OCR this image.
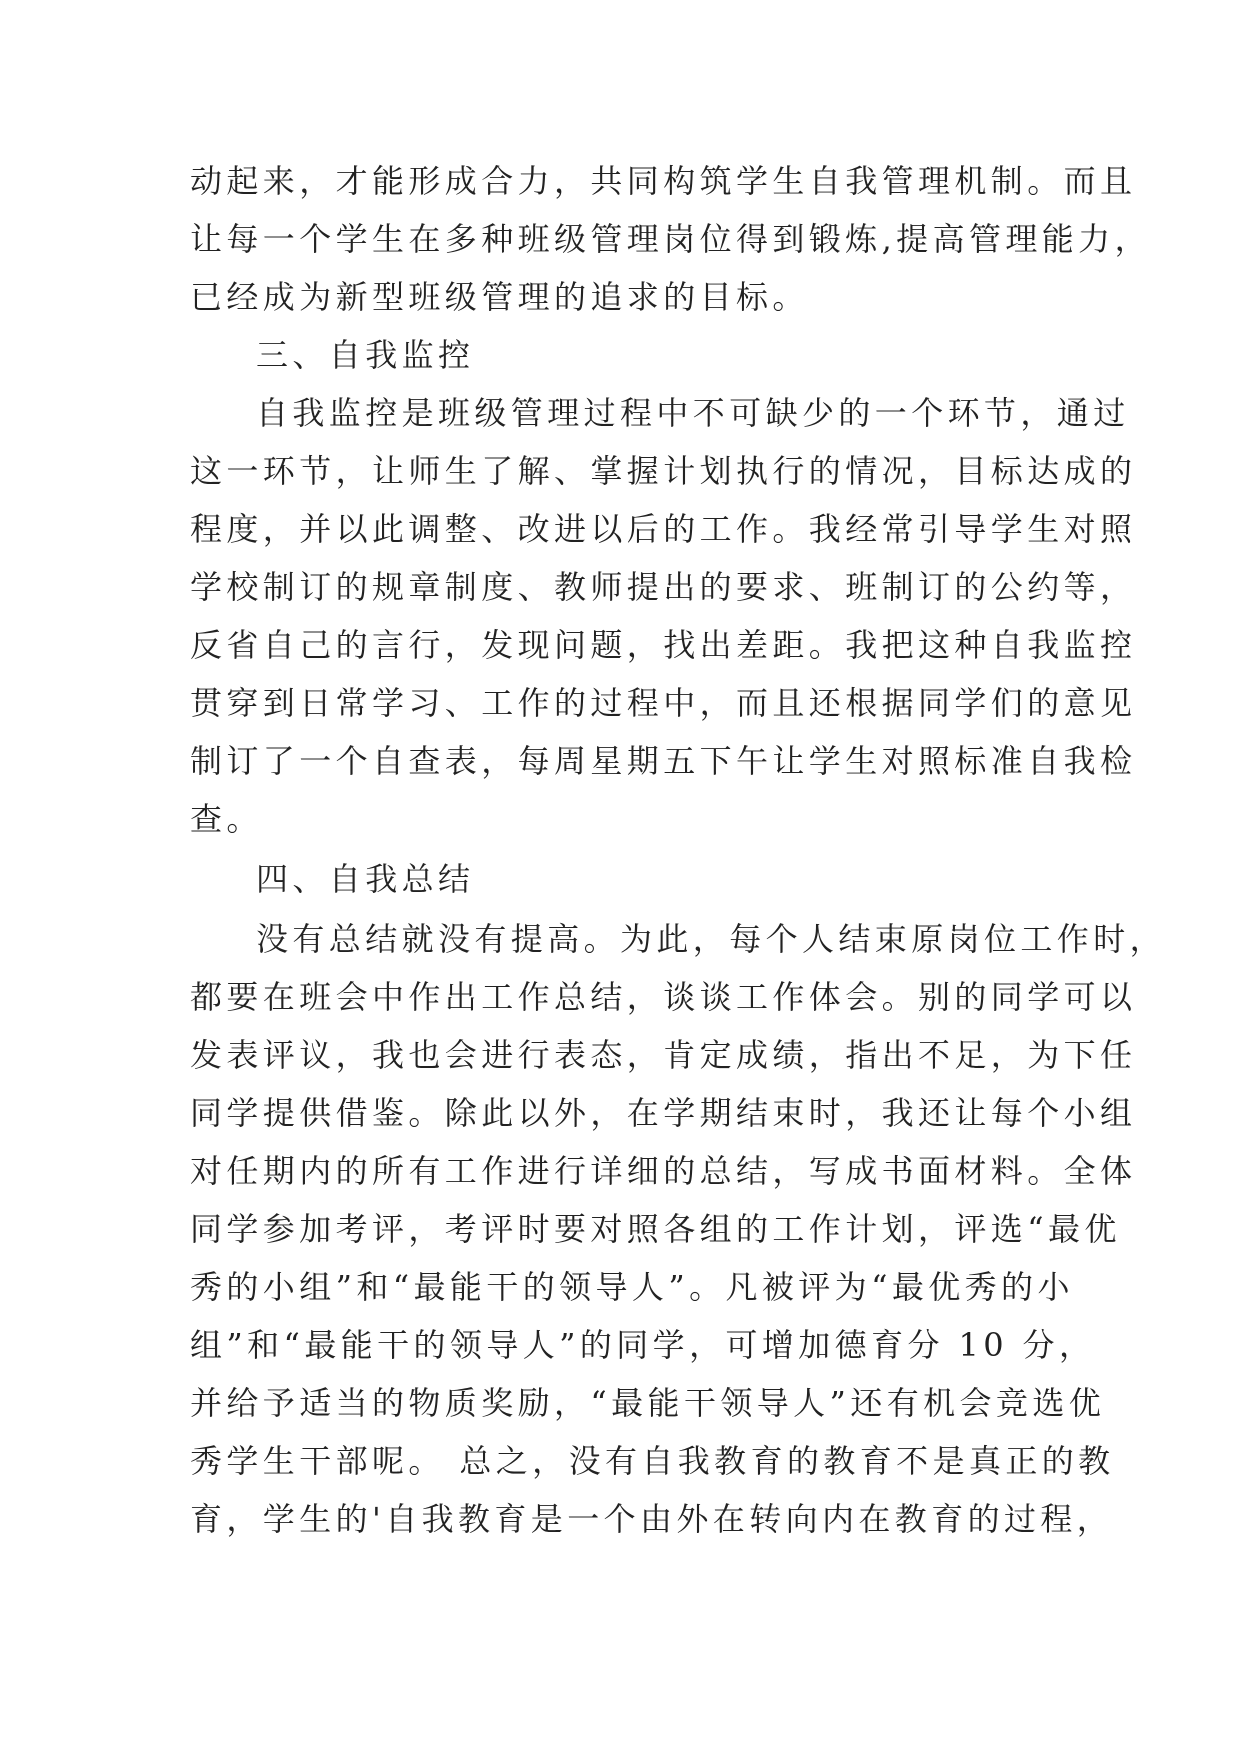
动起来，才能形成合力，共同构筑学生自我管理机制。而且
让每一个学生在多种班级管理岗位得到锻炼,提高管理能力，
已经成为新型班级管理的追求的目标。
三、自我监控
自我监控是班级管理过程中不可缺少的一个环节，通过
这一环节，让师生了解、掌握计划执行的情况，目标达成的
程度，并以此调整、改进以后的工作。我经常引导学生对照
学校制订的规章制度、教师提出的要求、班制订的公约等，
反省自己的言行，发现问题，找出差距。我把这种自我监控
贯穿到日常学习、工作的过程中，而且还根据同学们的意见
制订了一个自查表，每周星期五下午让学生对照标准自我检
查。
四、自我总结
没有总结就没有提高。为此，每个人结束原岗位工作时，
都要在班会中作出工作总结，谈谈工作体会。别的同学可以
发表评议，我也会进行表态，肯定成绩，指出不足，为下任
同学提供借鉴。除此以外，在学期结束时，我还让每个小组
对任期内的所有工作进行详细的总结，写成书面材料。全体
同学参加考评，考评时要对照各组的工作计划，评选“最优
秀的小组”和“最能干的领导人”。凡被评为“最优秀的小
组”和“最能干的领导人”的同学，可增加德育分 10 分，
并给予适当的物质奖励，“最能干领导人”还有机会竞选优
秀学生干部呢。 总之，没有自我教育的教育不是真正的教
育，学生的'自我教育是一个由外在转向内在教育的过程，
